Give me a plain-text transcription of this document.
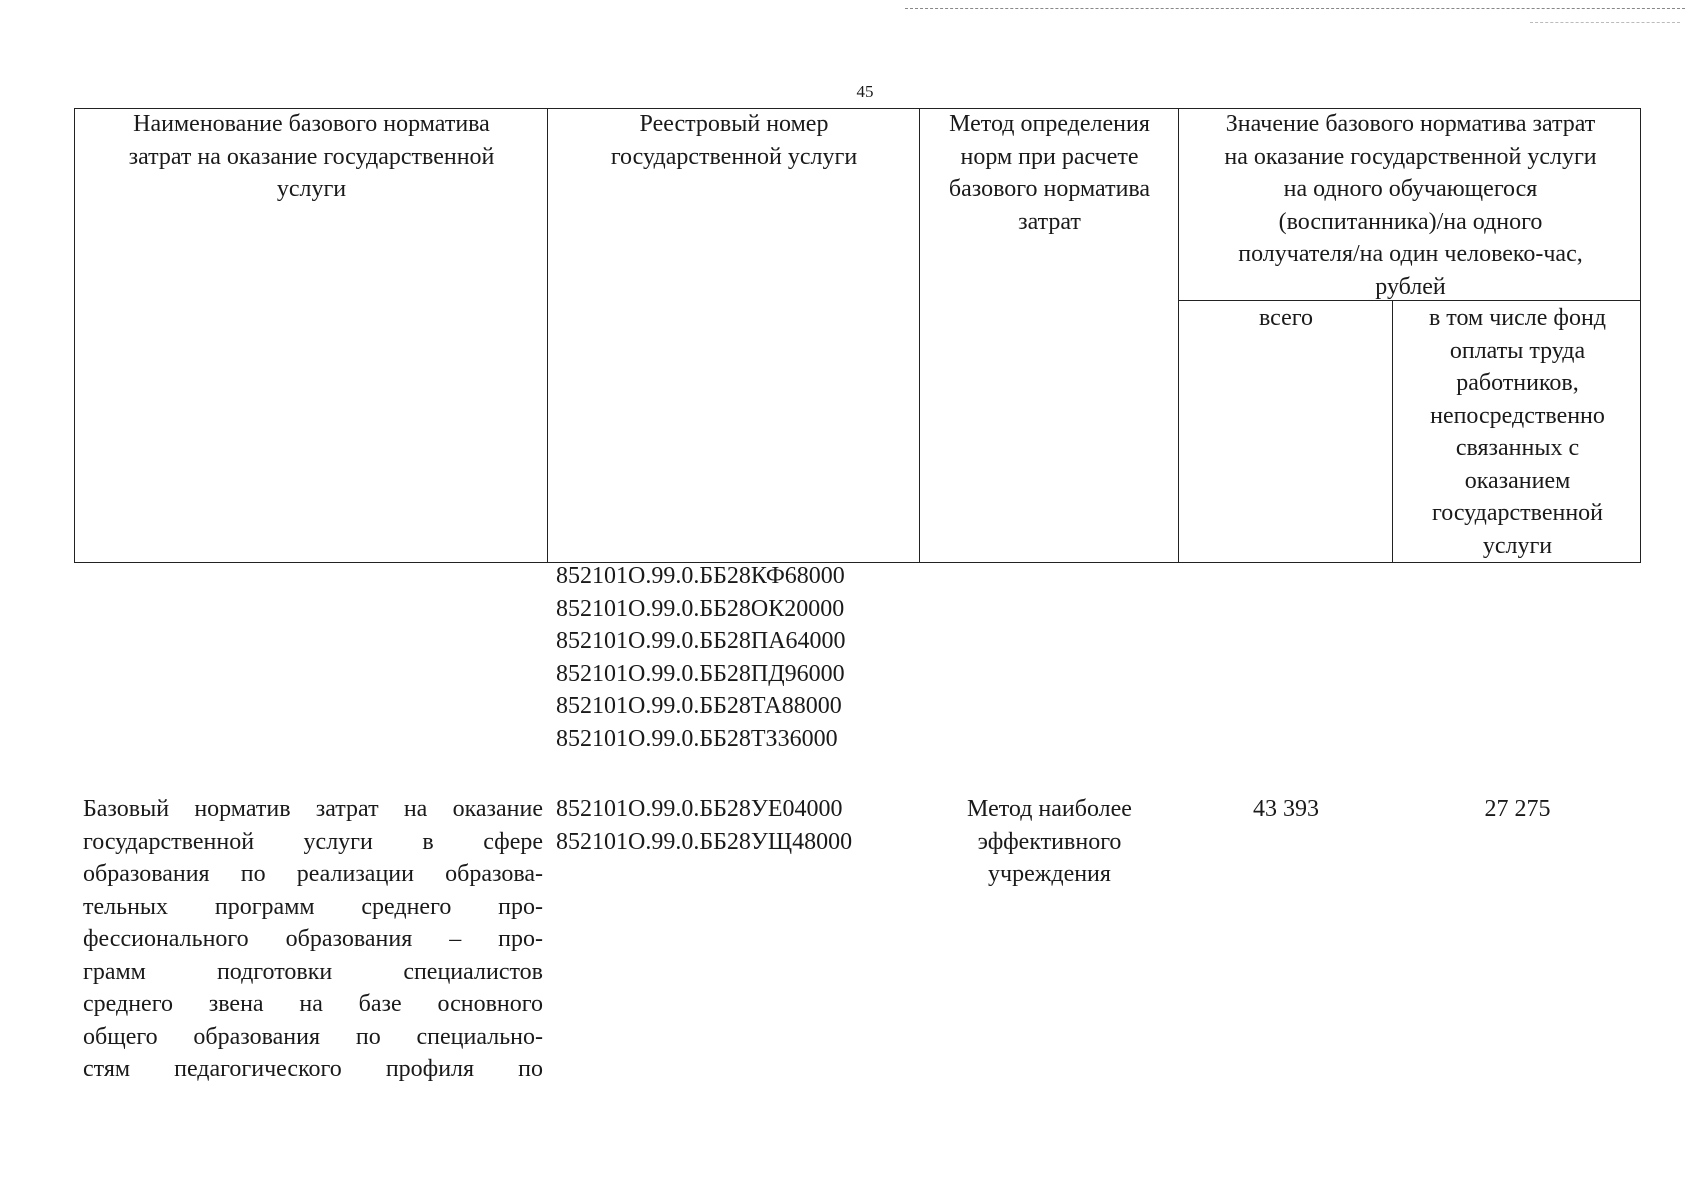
45
Наименование базового норматива
затрат на оказание государственной
услуги
Реестровый номер
государственной услуги
Метод определения
норм при расчете
базового норматива
затрат
Значение базового норматива затрат
на оказание государственной услуги
на одного обучающегося
(воспитанника)/на одного
получателя/на один человеко-час,
рублей
всего	в том числе фонд
оплаты труда
работников,
непосредственно
связанных с
оказанием
государственной
услуги
852101О.99.0.ББ28КФ68000
852101О.99.0.ББ28ОК20000
852101О.99.0.ББ28ПА64000
852101О.99.0.ББ28ПД96000
852101О.99.0.ББ28ТА88000
852101О.99.0.ББ28ТЗ36000
Базовый норматив затрат на оказание
государственной услуги в сфере
образования по реализации образова-
тельных программ среднего про-
фессионального образования – про-
грамм подготовки специалистов
среднего звена на базе основного
общего образования по специально-
стям педагогического профиля по
852101О.99.0.ББ28УЕ04000
852101О.99.0.ББ28УЩ48000
Метод наиболее
эффективного
учреждения
43 393	27 275
